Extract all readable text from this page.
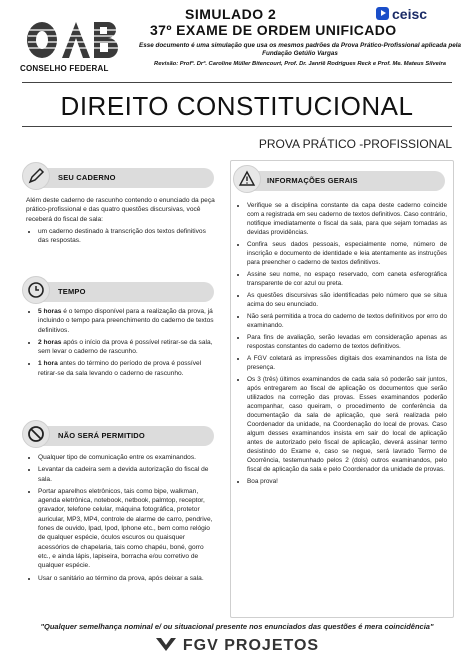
CONSELHO FEDERAL
SIMULADO 2
37º EXAME DE ORDEM UNIFICADO
ceisc
Esse documento é uma simulação que usa os mesmos padrões da Prova Prático-Profissional aplicada pela Fundação Getúlio Vargas
Revisão: Profª. Drª. Caroline Müller Bitencourt, Prof. Dr. Janriê Rodrigues Reck e Prof. Me. Mateus Silveira
DIREITO CONSTITUCIONAL
PROVA PRÁTICO -PROFISSIONAL
SEU CADERNO

Além deste caderno de rascunho contendo o enunciado da peça prático-profissional e das quatro questões discursivas, você receberá do fiscal de sala:

• um caderno destinado à transcrição dos textos definitivos das respostas.
TEMPO
• 5 horas é o tempo disponível para a realização da prova, já incluindo o tempo para preenchimento do caderno de textos definitivos.
• 2 horas após o início da prova é possível retirar-se da sala, sem levar o caderno de rascunho.
• 1 hora antes do término do período de prova é possível retirar-se da sala levando o caderno de rascunho.
NÃO SERÁ PERMITIDO
• Qualquer tipo de comunicação entre os examinandos.
• Levantar da cadeira sem a devida autorização do fiscal de sala.
• Portar aparelhos eletrônicos, tais como bipe, walkman, agenda eletrônica, notebook, netbook, palmtop, receptor, gravador, telefone celular, máquina fotográfica, protetor auricular, MP3, MP4, controle de alarme de carro, pendrive, fones de ouvido, Ipad, Ipod, Iphone etc., bem como relógio de qualquer espécie, óculos escuros ou quaisquer acessórios de chapelaria, tais como chapéu, boné, gorro etc., e ainda lápis, lapiseira, borracha e/ou corretivo de qualquer espécie.
• Usar o sanitário ao término da prova, após deixar a sala.
INFORMAÇÕES GERAIS
• Verifique se a disciplina constante da capa deste caderno coincide com a registrada em seu caderno de textos definitivos. Caso contrário, notifique imediatamente o fiscal da sala, para que sejam tomadas as devidas providências.
• Confira seus dados pessoais, especialmente nome, número de inscrição e documento de identidade e leia atentamente as instruções para preencher o caderno de textos definitivos.
• Assine seu nome, no espaço reservado, com caneta esferográfica transparente de cor azul ou preta.
• As questões discursivas são identificadas pelo número que se situa acima do seu enunciado.
• Não será permitida a troca do caderno de textos definitivos por erro do examinando.
• Para fins de avaliação, serão levadas em consideração apenas as respostas constantes do caderno de textos definitivos.
• A FGV coletará as impressões digitais dos examinandos na lista de presença.
• Os 3 (três) últimos examinandos de cada sala só poderão sair juntos, após entregarem ao fiscal de aplicação os documentos que serão utilizados na correção das provas. Esses examinandos poderão acompanhar, caso queiram, o procedimento de conferência da documentação da sala de aplicação, que será realizada pelo Coordenador da unidade, na Coordenação do local de provas. Caso algum desses examinandos insista em sair do local de aplicação antes de autorizado pelo fiscal de aplicação, deverá assinar termo desistindo do Exame e, caso se negue, será lavrado Termo de Ocorrência, testemunhado pelos 2 (dois) outros examinandos, pelo fiscal de aplicação da sala e pelo Coordenador da unidade de provas.
• Boa prova!
"Qualquer semelhança nominal e/ ou situacional presente nos enunciados das questões é mera coincidência"
FGV PROJETOS
